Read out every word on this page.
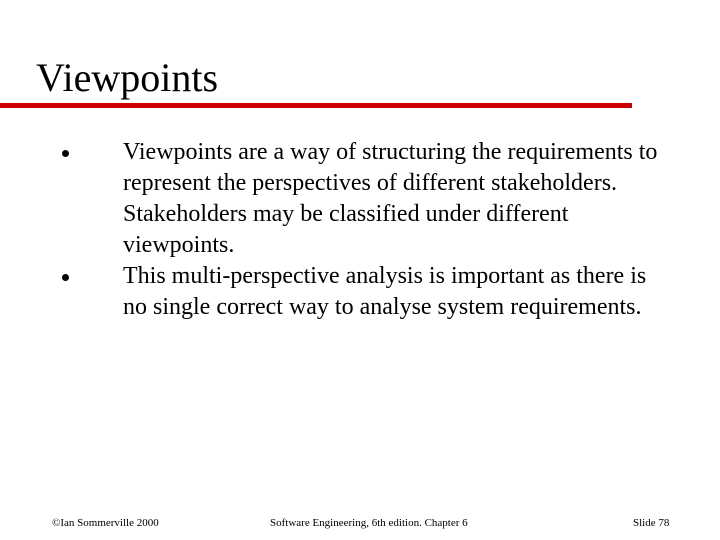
Viewpoints
Viewpoints are a way of structuring the requirements to represent the perspectives of different stakeholders. Stakeholders may be classified under different viewpoints.
This multi-perspective analysis is important as there is no single correct way to analyse system requirements.
©Ian Sommerville 2000	Software Engineering, 6th edition. Chapter 6	Slide 78
